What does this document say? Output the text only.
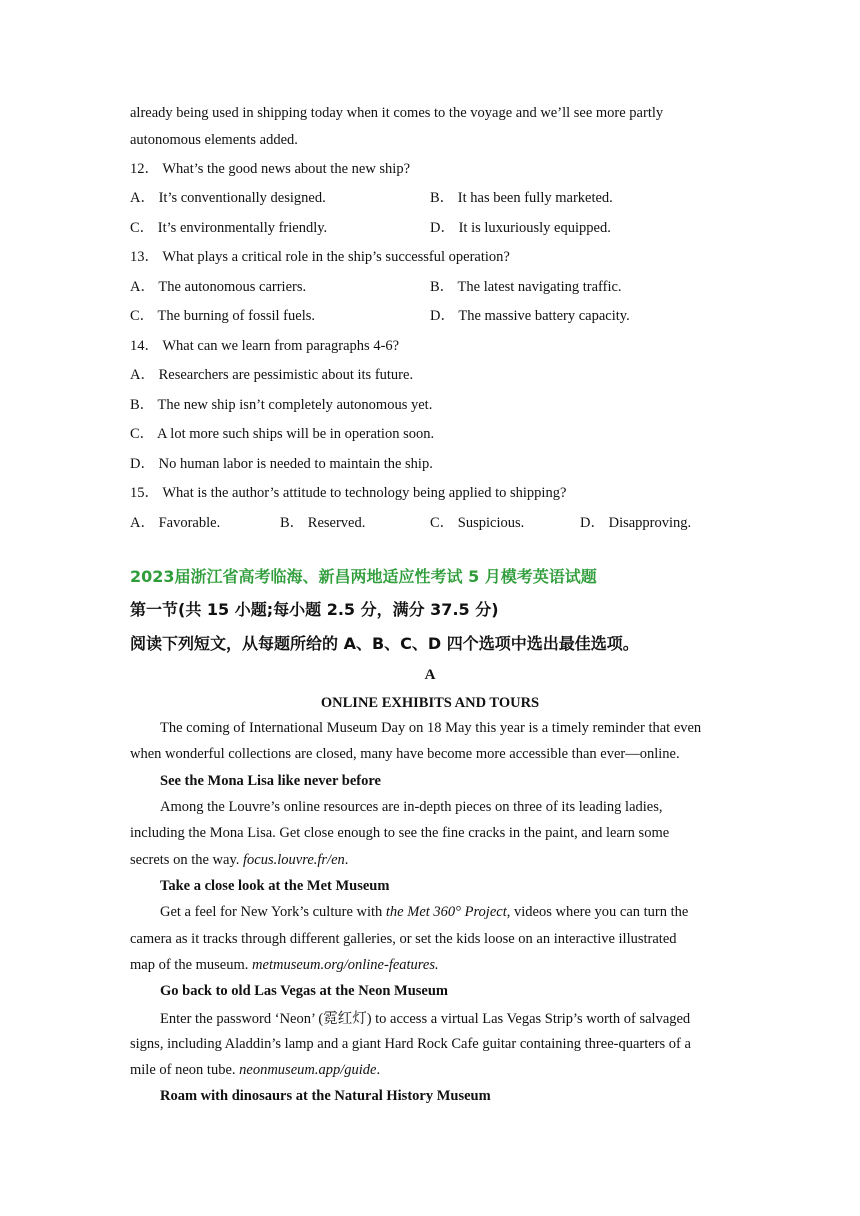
already being used in shipping today when it comes to the voyage and we’ll see more partly
autonomous elements added.
12． What’s the good news about the new ship?
A． It’s conventionally designed.	B． It has been fully marketed.
C． It’s environmentally friendly.	D． It is luxuriously equipped.
13． What plays a critical role in the ship’s successful operation?
A． The autonomous carriers.	B． The latest navigating traffic.
C． The burning of fossil fuels.	D． The massive battery capacity.
14． What can we learn from paragraphs 4-6?
A． Researchers are pessimistic about its future.
B． The new ship isn’t completely autonomous yet.
C． A lot more such ships will be in operation soon.
D． No human labor is needed to maintain the ship.
15． What is the author’s attitude to technology being applied to shipping?
A． Favorable.	B． Reserved.	C． Suspicious.	D． Disapproving.
2023届浙江省高考临海、新昌两地适应性考试 5 月模考英语试题
第一节(共 15 小题;每小题 2.5 分，满分 37.5 分)
阅读下列短文，从每题所给的 A、B、C、D 四个选项中选出最佳选项。
A
ONLINE EXHIBITS AND TOURS
The coming of International Museum Day on 18 May this year is a timely reminder that even
when wonderful collections are closed, many have become more accessible than ever—online.
See the Mona Lisa like never before
Among the Louvre’s online resources are in-depth pieces on three of its leading ladies,
including the Mona Lisa. Get close enough to see the fine cracks in the paint, and learn some
secrets on the way. focus.louvre.fr/en .
Take a close look at the Met Museum
Get a feel for New York’s culture with the Met 360° Project , videos where you can turn the
camera as it tracks through different galleries, or set the kids loose on an interactive illustrated
map of the museum. metmuseum.org/online-features.
Go back to old Las Vegas at the Neon Museum
Enter the password ‘Neon’ (霓红灯) to access a virtual Las Vegas Strip’s worth of salvaged
signs, including Aladdin’s lamp and a giant Hard Rock Cafe guitar containing three-quarters of a
mile of neon tube. neonmuseum.app/guide .
Roam with dinosaurs at the Natural History Museum
